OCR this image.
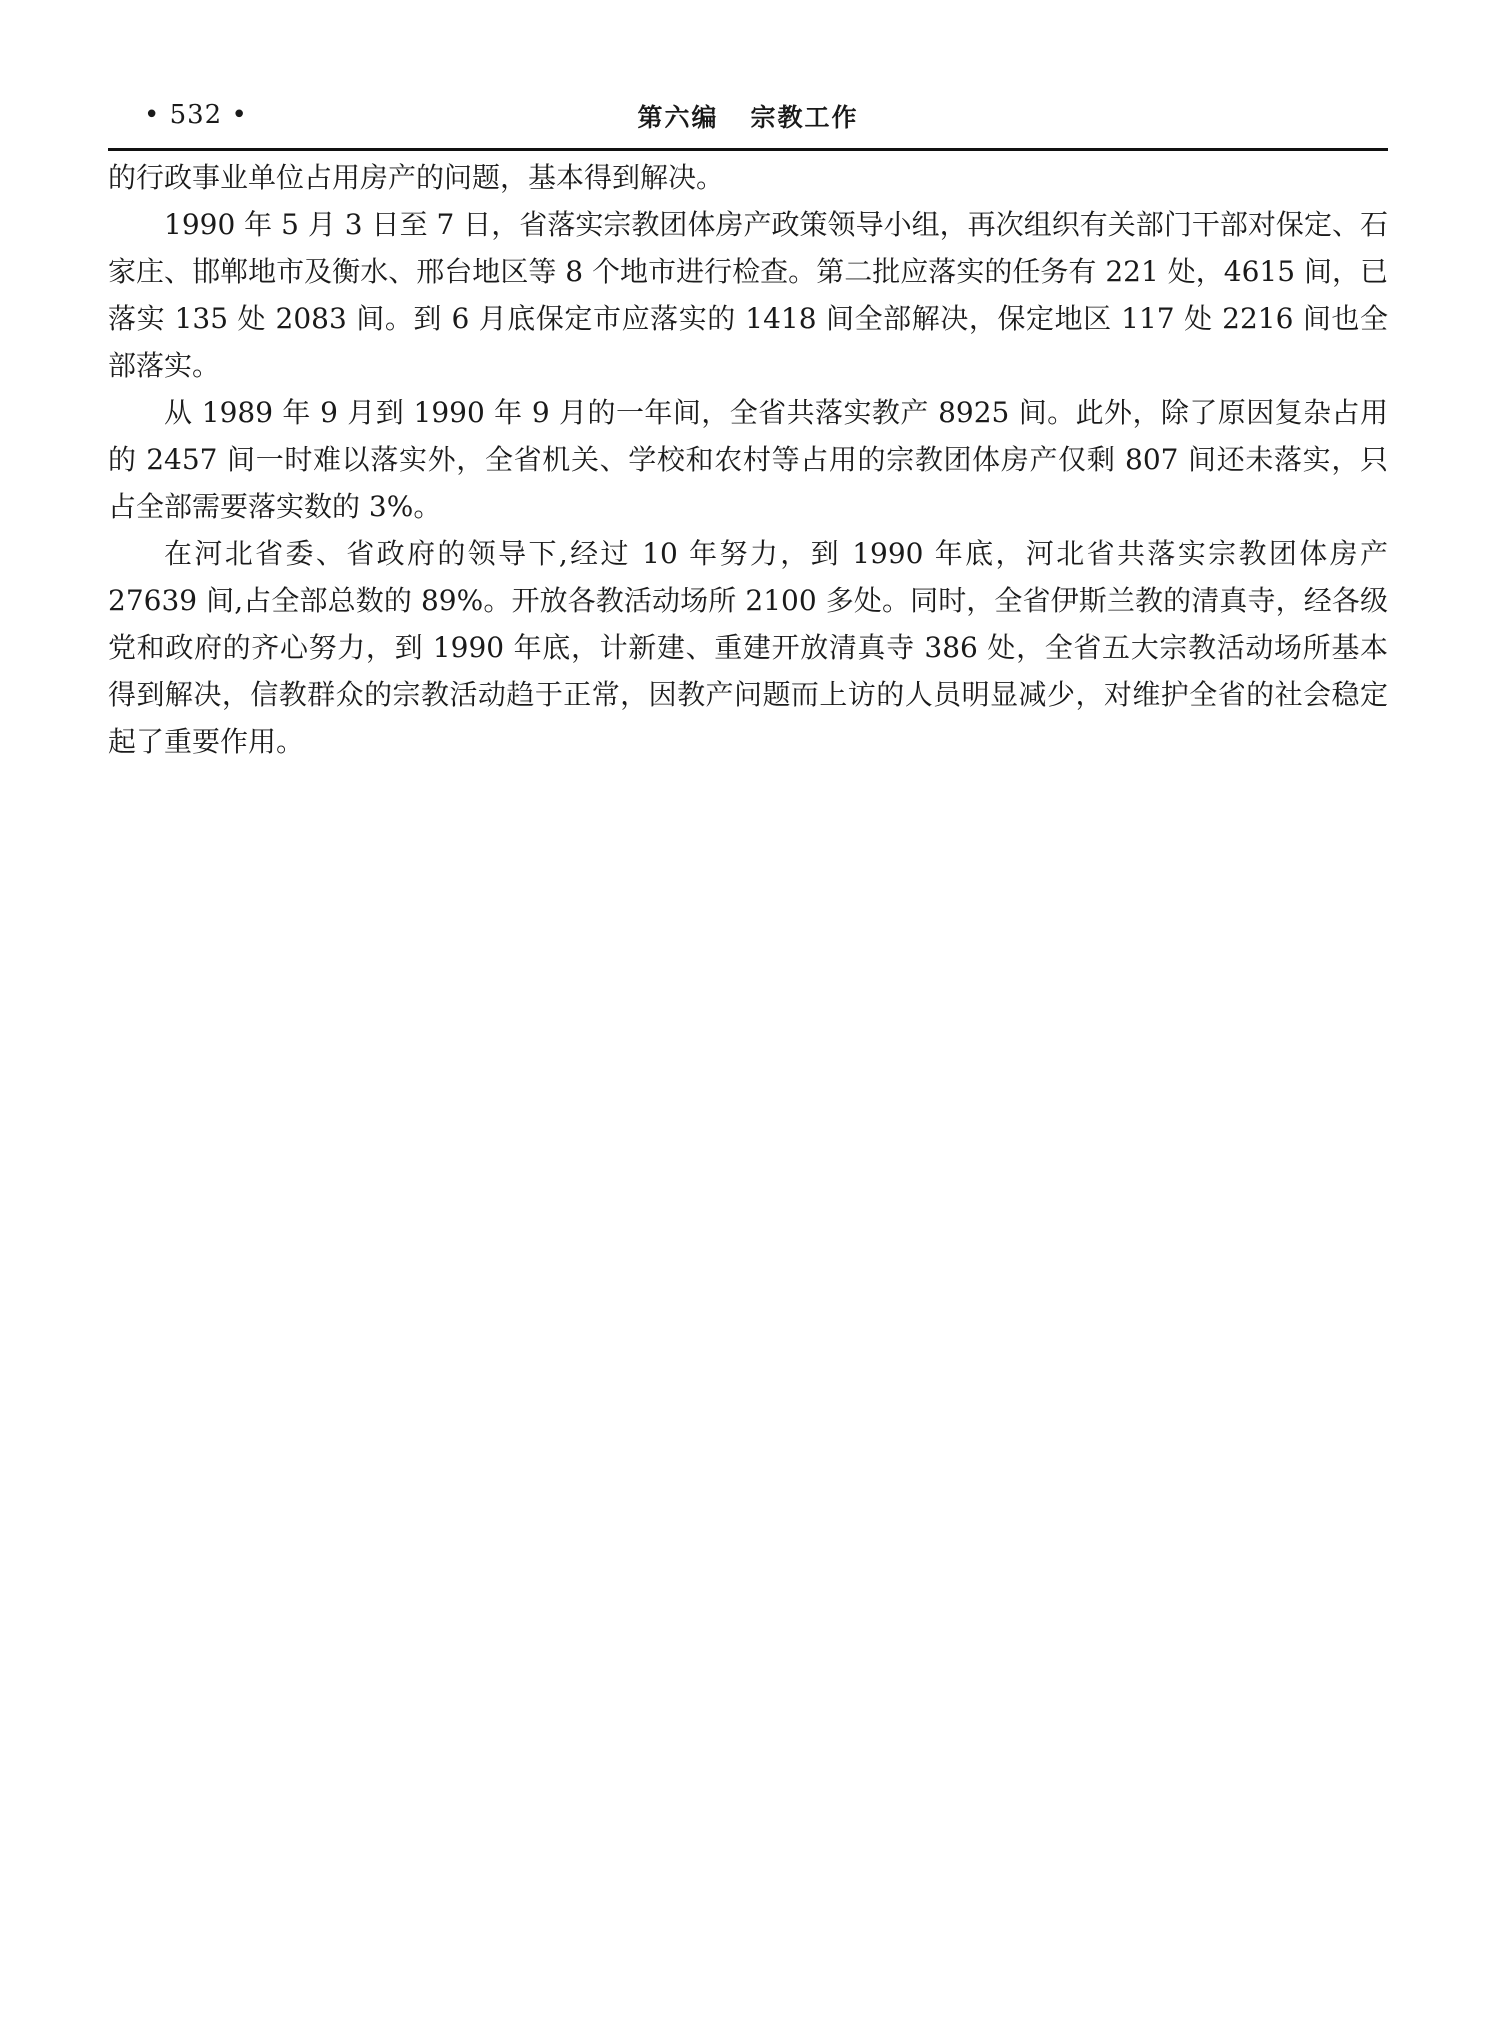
• 532 •	第六编   宗教工作

的行政事业单位占用房产的问题，基本得到解决。

1990 年 5 月 3 日至 7 日，省落实宗教团体房产政策领导小组，再次组织有关部门干部对保定、石家庄、邯郸地市及衡水、邢台地区等 8 个地市进行检查。第二批应落实的任务有 221 处，4615 间，已落实 135 处 2083 间。到 6 月底保定市应落实的 1418 间全部解决，保定地区 117 处 2216 间也全部落实。

从 1989 年 9 月到 1990 年 9 月的一年间，全省共落实教产 8925 间。此外，除了原因复杂占用的 2457 间一时难以落实外，全省机关、学校和农村等占用的宗教团体房产仅剩 807 间还未落实，只占全部需要落实数的 3%。

在河北省委、省政府的领导下,经过 10 年努力，到 1990 年底，河北省共落实宗教团体房产 27639 间,占全部总数的 89%。开放各教活动场所 2100 多处。同时，全省伊斯兰教的清真寺，经各级党和政府的齐心努力，到 1990 年底，计新建、重建开放清真寺 386 处，全省五大宗教活动场所基本得到解决，信教群众的宗教活动趋于正常，因教产问题而上访的人员明显减少，对维护全省的社会稳定起了重要作用。
